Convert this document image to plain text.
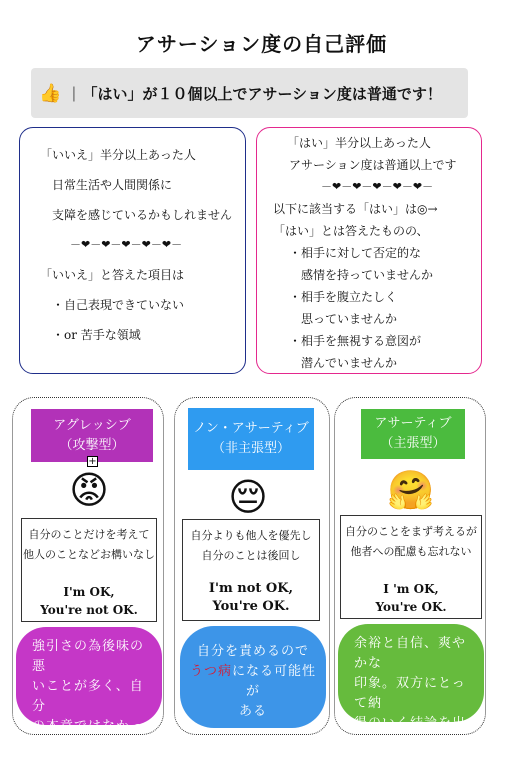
アサーション度の自己評価
👍 | 「はい」が１０個以上でアサーション度は普通です！

「いいえ」半分以上あった人

　日常生活や人間関係に

　支障を感じているかもしれません

－❤－❤－❤－❤－❤－

「いいえ」と答えた項目は

　・自己表現できていない

　・or 苦手な領域

「はい」半分以上あった人

　アサーション度は普通以上です

－❤－❤－❤－❤－❤－

以下に該当する「はい」は◎→

「はい」とは答えたものの、

　・相手に対して否定的な

　　感情を持っていませんか

　・相手を腹立たしく

　　思っていませんか

　・相手を無視する意図が

　　潜んでいませんか

アグレッシブ
（攻撃型）
+
😡
自分のことだけを考えて
他人のことなどお構いなし
I'm OK,
You're not OK.
強引さの為後味の悪
いことが多く、自分
の本意ではなかった
ことに気づき後悔
ノン・アサーティブ
（非主張型）
😔
自分よりも他人を優先し
自分のことは後回し
I'm not OK,
You're OK.
自分を責めるので
うつ病になる可能性が
ある
アサーティブ
（主張型）
🤗
自分のことをまず考えるが
他者への配慮も忘れない
I 'm OK,
You're OK.
余裕と自信、爽やかな
印象。双方にとって納
得のいく結論を出そう
とする
